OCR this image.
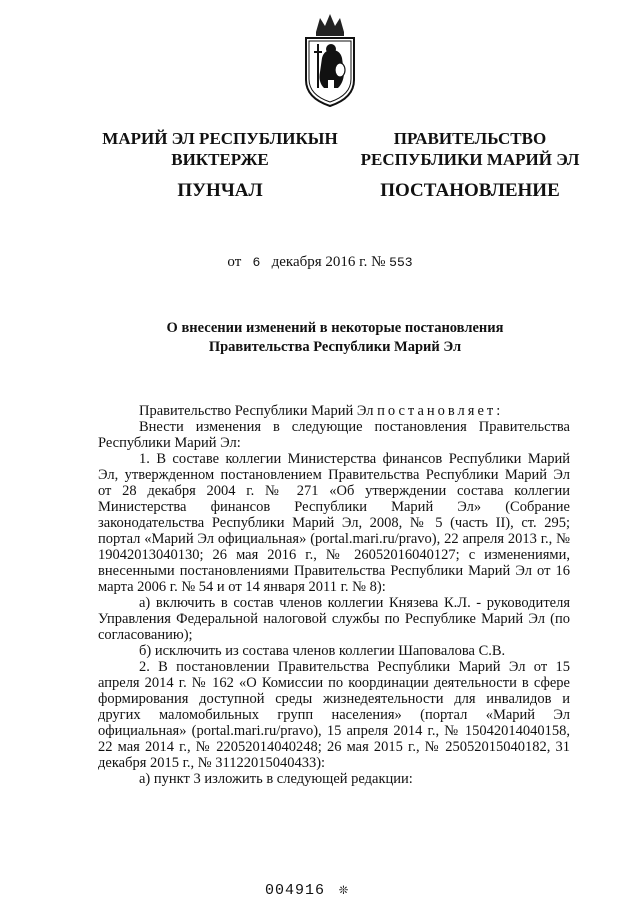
МАРИЙ ЭЛ РЕСПУБЛИКЫН
ВИКТЕРЖЕ
ПУНЧАЛ
ПРАВИТЕЛЬСТВО
РЕСПУБЛИКИ МАРИЙ ЭЛ
ПОСТАНОВЛЕНИЕ
от 6 декабря 2016 г. № 553
О внесении изменений в некоторые постановления
Правительства Республики Марий Эл

Правительство Республики Марий Эл постановляет:

Внести изменения в следующие постановления Правительства Республики Марий Эл:

1. В составе коллегии Министерства финансов Республики Марий Эл, утвержденном постановлением Правительства Республики Марий Эл от 28 декабря 2004 г. № 271 «Об утверждении состава коллегии Министерства финансов Республики Марий Эл» (Собрание законодательства Республики Марий Эл, 2008, № 5 (часть II), ст. 295; портал «Марий Эл официальная» (portal.mari.ru/pravo), 22 апреля 2013 г., № 19042013040130; 26 мая 2016 г., № 26052016040127; с изменениями, внесенными постановлениями Правительства Республики Марий Эл от 16 марта 2006 г. № 54 и от 14 января 2011 г. № 8):

а) включить в состав членов коллегии Князева К.Л. - руководителя Управления Федеральной налоговой службы по Республике Марий Эл (по согласованию);

б) исключить из состава членов коллегии Шаповалова С.В.

2. В постановлении Правительства Республики Марий Эл от 15 апреля 2014 г. № 162 «О Комиссии по координации деятельности в сфере формирования доступной среды жизнедеятельности для инвалидов и других маломобильных групп населения» (портал «Марий Эл официальная» (portal.mari.ru/pravo), 15 апреля 2014 г., № 15042014040158, 22 мая 2014 г., № 22052014040248; 26 мая 2015 г., № 25052015040182, 31 декабря 2015 г., № 31122015040433):

а) пункт 3 изложить в следующей редакции:

004916 ❊
